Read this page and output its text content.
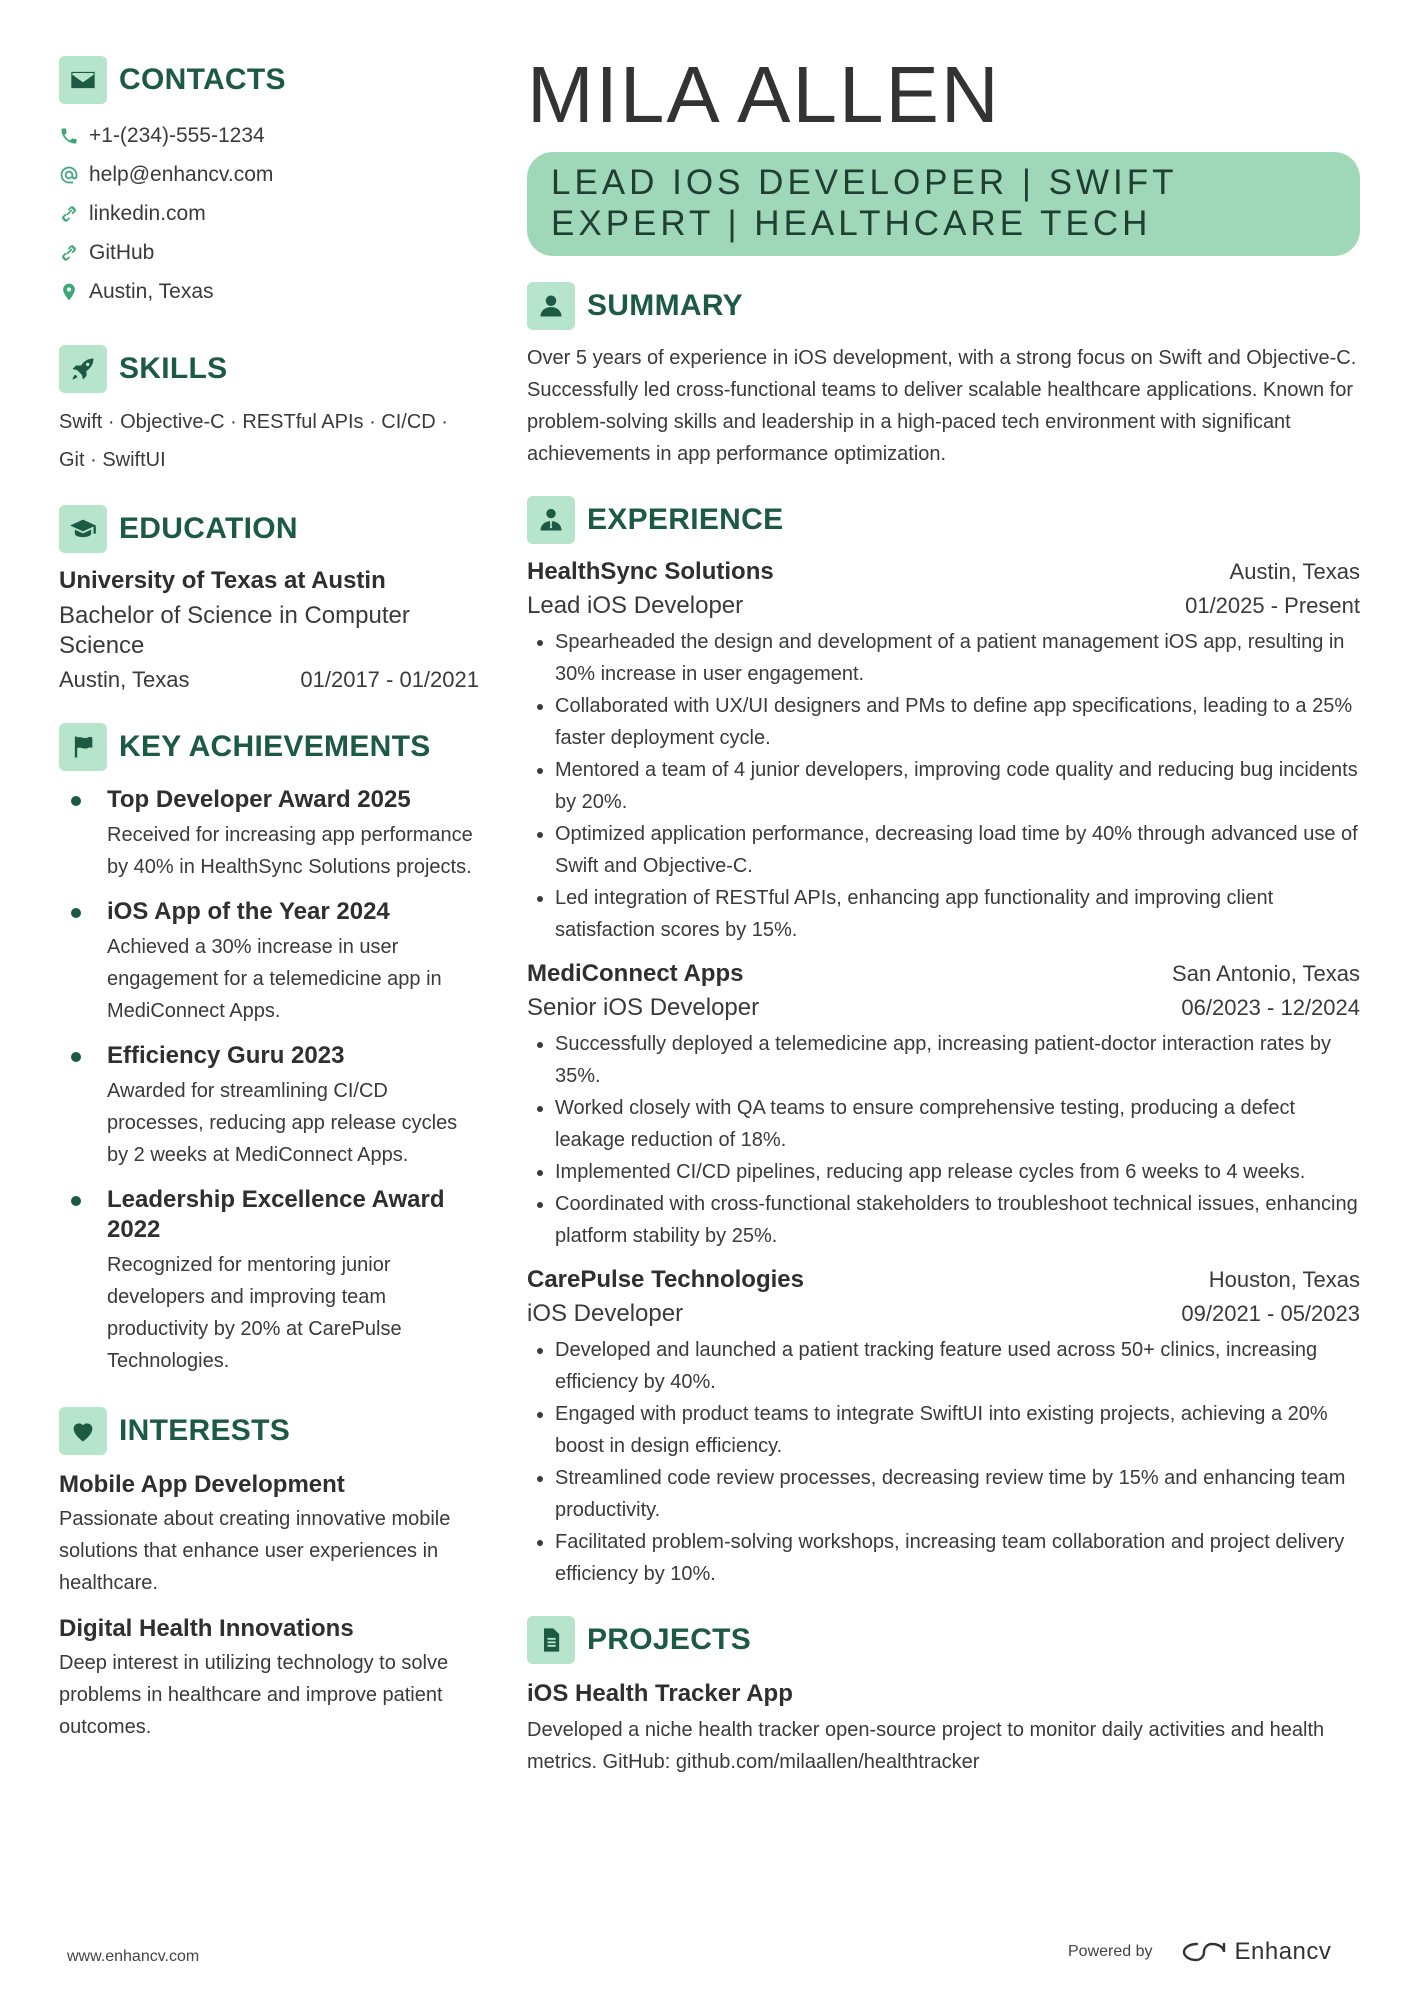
CONTACTS
+1-(234)-555-1234
help@enhancv.com
linkedin.com
GitHub
Austin, Texas
SKILLS
Swift · Objective-C · RESTful APIs · CI/CD ·
Git · SwiftUI
EDUCATION
University of Texas at Austin
Bachelor of Science in Computer Science
Austin, Texas	01/2017 - 01/2021
KEY ACHIEVEMENTS
Top Developer Award 2025
Received for increasing app performance by 40% in HealthSync Solutions projects.
iOS App of the Year 2024
Achieved a 30% increase in user engagement for a telemedicine app in MediConnect Apps.
Efficiency Guru 2023
Awarded for streamlining CI/CD processes, reducing app release cycles by 2 weeks at MediConnect Apps.
Leadership Excellence Award 2022
Recognized for mentoring junior developers and improving team productivity by 20% at CarePulse Technologies.
INTERESTS
Mobile App Development
Passionate about creating innovative mobile solutions that enhance user experiences in healthcare.
Digital Health Innovations
Deep interest in utilizing technology to solve problems in healthcare and improve patient outcomes.
MILA ALLEN
LEAD IOS DEVELOPER | SWIFT EXPERT | HEALTHCARE TECH
SUMMARY
Over 5 years of experience in iOS development, with a strong focus on Swift and Objective-C. Successfully led cross-functional teams to deliver scalable healthcare applications. Known for problem-solving skills and leadership in a high-paced tech environment with significant achievements in app performance optimization.
EXPERIENCE
HealthSync Solutions	Austin, Texas
Lead iOS Developer	01/2025 - Present
• Spearheaded the design and development of a patient management iOS app, resulting in 30% increase in user engagement.
• Collaborated with UX/UI designers and PMs to define app specifications, leading to a 25% faster deployment cycle.
• Mentored a team of 4 junior developers, improving code quality and reducing bug incidents by 20%.
• Optimized application performance, decreasing load time by 40% through advanced use of Swift and Objective-C.
• Led integration of RESTful APIs, enhancing app functionality and improving client satisfaction scores by 15%.
MediConnect Apps	San Antonio, Texas
Senior iOS Developer	06/2023 - 12/2024
• Successfully deployed a telemedicine app, increasing patient-doctor interaction rates by 35%.
• Worked closely with QA teams to ensure comprehensive testing, producing a defect leakage reduction of 18%.
• Implemented CI/CD pipelines, reducing app release cycles from 6 weeks to 4 weeks.
• Coordinated with cross-functional stakeholders to troubleshoot technical issues, enhancing platform stability by 25%.
CarePulse Technologies	Houston, Texas
iOS Developer	09/2021 - 05/2023
• Developed and launched a patient tracking feature used across 50+ clinics, increasing efficiency by 40%.
• Engaged with product teams to integrate SwiftUI into existing projects, achieving a 20% boost in design efficiency.
• Streamlined code review processes, decreasing review time by 15% and enhancing team productivity.
• Facilitated problem-solving workshops, increasing team collaboration and project delivery efficiency by 10%.
PROJECTS
iOS Health Tracker App
Developed a niche health tracker open-source project to monitor daily activities and health metrics. GitHub: github.com/milaallen/healthtracker
www.enhancv.com	Powered by	Enhancv
